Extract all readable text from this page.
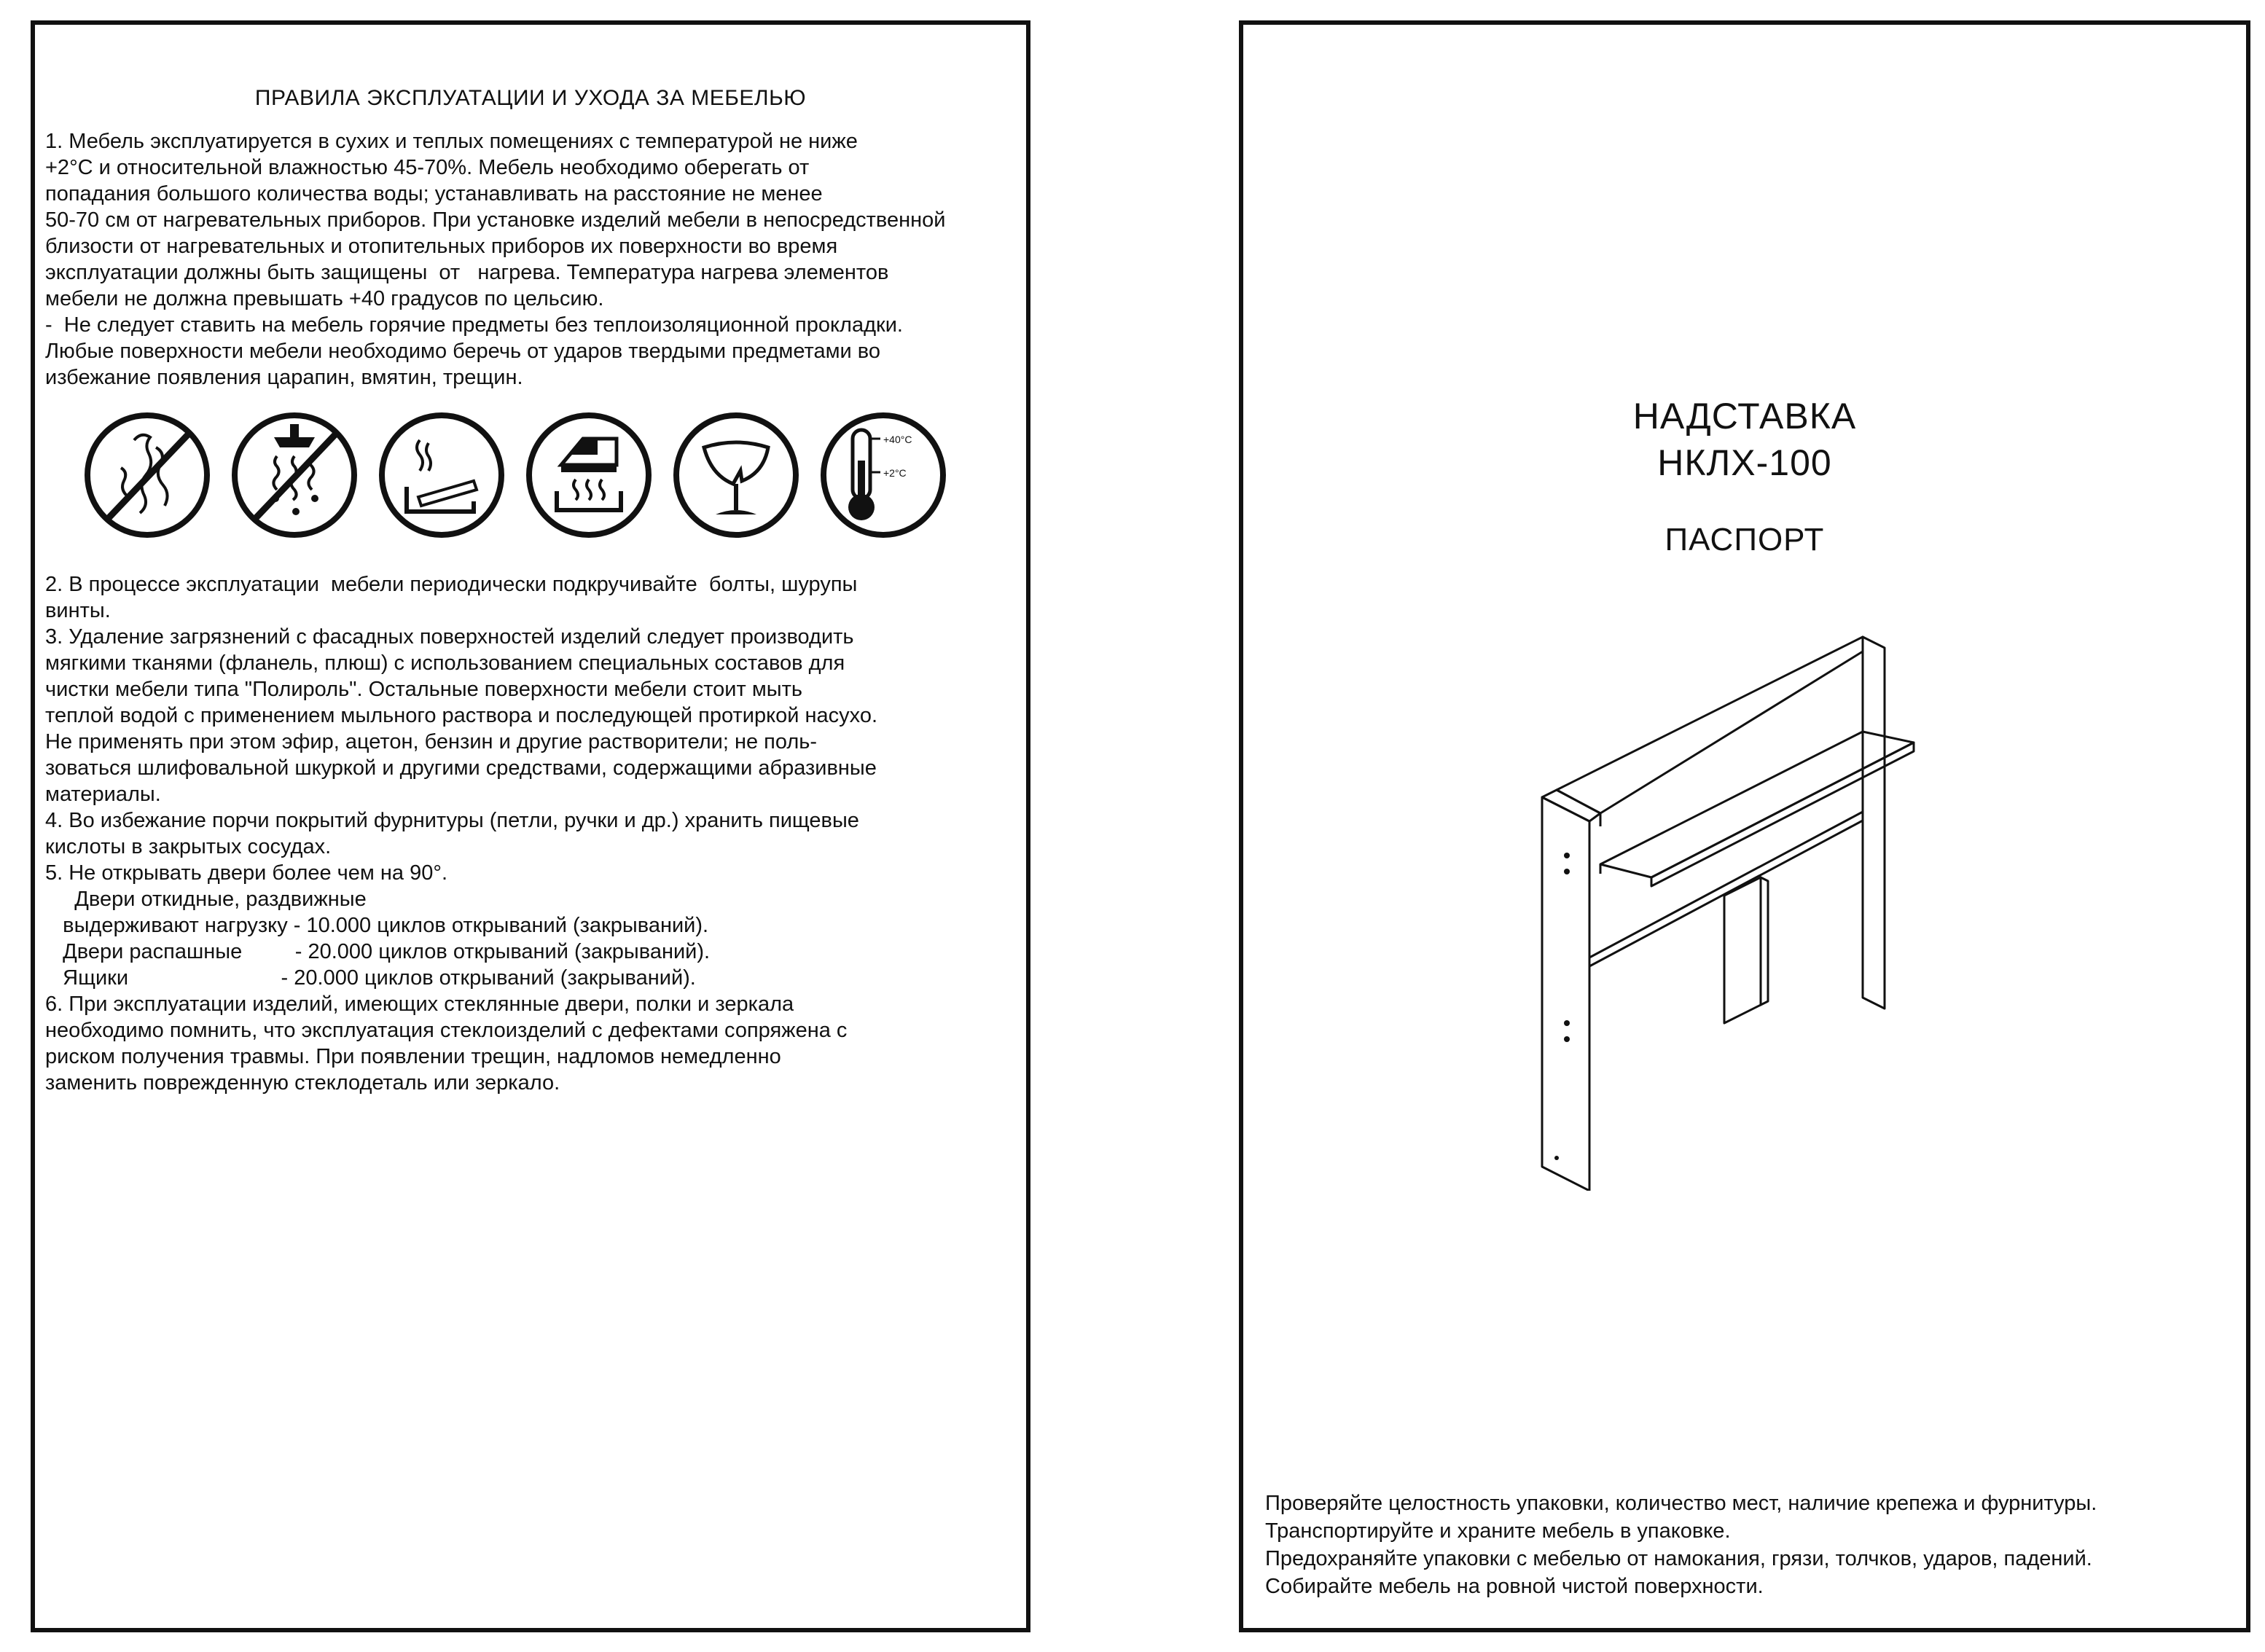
ПРАВИЛА ЭКСПЛУАТАЦИИ И УХОДА ЗА МЕБЕЛЬЮ
1. Мебель эксплуатируется в сухих и теплых помещениях с температурой не ниже
+2°С и относительной влажностью 45-70%. Мебель необходимо оберегать от
попадания большого количества воды; устанавливать на расстояние не менее
50-70 см от нагревательных приборов. При установке изделий мебели в непосредственной
близости от нагревательных и отопительных приборов их поверхности во время
эксплуатации должны быть защищены  от   нагрева. Температура нагрева элементов
мебели не должна превышать +40 градусов по цельсию.
-  Не следует ставить на мебель горячие предметы без теплоизоляционной прокладки.
Любые поверхности мебели необходимо беречь от ударов твердыми предметами во
избежание появления царапин, вмятин, трещин.
+40°C
+2°C
2. В процессе эксплуатации  мебели периодически подкручивайте  болты, шурупы
винты.
3. Удаление загрязнений с фасадных поверхностей изделий следует производить
мягкими тканями (фланель, плюш) с использованием специальных составов для
чистки мебели типа "Полироль". Остальные поверхности мебели стоит мыть
теплой водой с применением мыльного раствора и последующей протиркой насухо.
Не применять при этом эфир, ацетон, бензин и другие растворители; не поль-
зоваться шлифовальной шкуркой и другими средствами, содержащими абразивные
материалы.
4. Во избежание порчи покрытий фурнитуры (петли, ручки и др.) хранить пищевые
кислоты в закрытых сосудах.
5. Не открывать двери более чем на 90°.
Двери откидные, раздвижные
выдерживают нагрузку - 10.000 циклов открываний (закрываний).
Двери распашные         - 20.000 циклов открываний (закрываний).
Ящики                          - 20.000 циклов открываний (закрываний).
6. При эксплуатации изделий, имеющих стеклянные двери, полки и зеркала
необходимо помнить, что эксплуатация стеклоизделий с дефектами сопряжена с
риском получения травмы. При появлении трещин, надломов немедленно
заменить поврежденную стеклодеталь или зеркало.
НАДСТАВКА
НКЛХ-100
ПАСПОРТ
Проверяйте целостность упаковки, количество мест, наличие крепежа и фурнитуры.
Транспортируйте и храните мебель в упаковке.
Предохраняйте упаковки с мебелью от намокания, грязи, толчков, ударов, падений.
Собирайте мебель на ровной чистой поверхности.
